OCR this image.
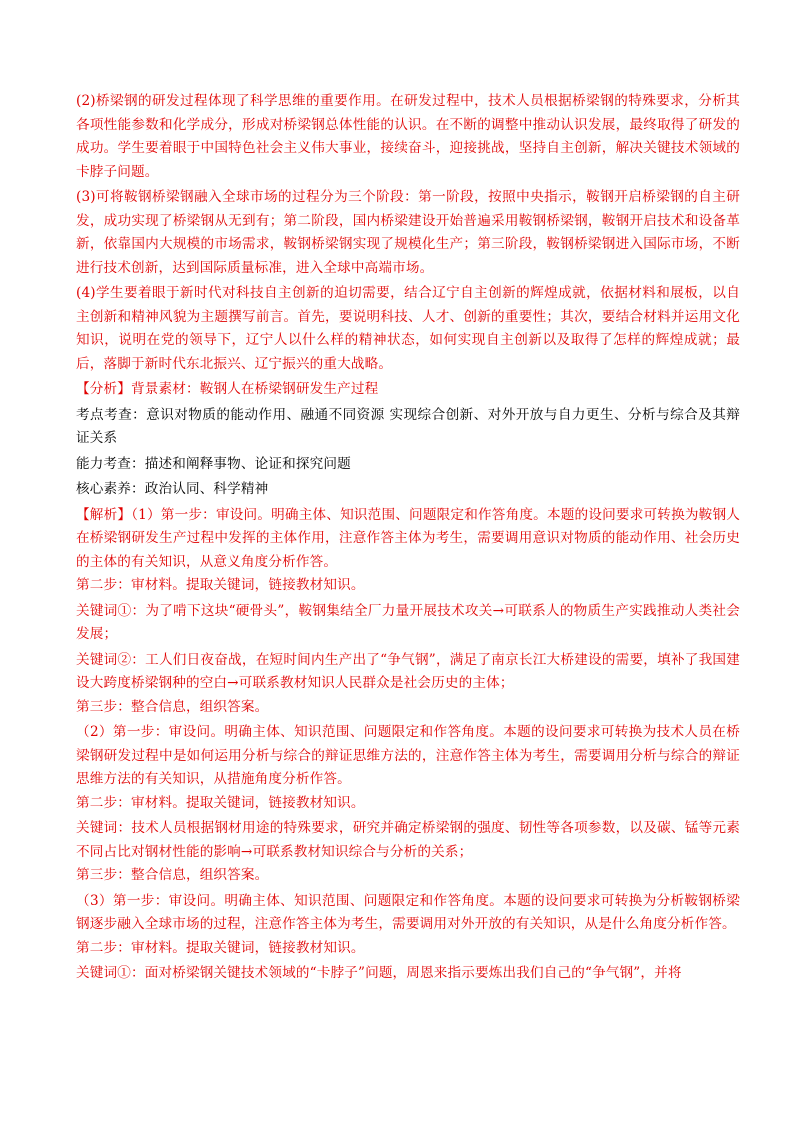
(2)桥梁钢的研发过程体现了科学思维的重要作用。在研发过程中，技术人员根据桥梁钢的特殊要求，分析其各项性能参数和化学成分，形成对桥梁钢总体性能的认识。在不断的调整中推动认识发展，最终取得了研发的成功。学生要着眼于中国特色社会主义伟大事业，接续奋斗，迎接挑战，坚持自主创新，解决关键技术领域的卡脖子问题。

(3)可将鞍钢桥梁钢融入全球市场的过程分为三个阶段：第一阶段，按照中央指示，鞍钢开启桥梁钢的自主研发，成功实现了桥梁钢从无到有；第二阶段，国内桥梁建设开始普遍采用鞍钢桥梁钢，鞍钢开启技术和设备革新，依靠国内大规模的市场需求，鞍钢桥梁钢实现了规模化生产；第三阶段，鞍钢桥梁钢进入国际市场，不断进行技术创新，达到国际质量标准，进入全球中高端市场。

(4)学生要着眼于新时代对科技自主创新的迫切需要，结合辽宁自主创新的辉煌成就，依据材料和展板，以自主创新和精神风貌为主题撰写前言。首先，要说明科技、人才、创新的重要性；其次，要结合材料并运用文化知识，说明在党的领导下，辽宁人以什么样的精神状态，如何实现自主创新以及取得了怎样的辉煌成就；最后，落脚于新时代东北振兴、辽宁振兴的重大战略。

【分析】背景素材：鞍钢人在桥梁钢研发生产过程

考点考查：意识对物质的能动作用、融通不同资源 实现综合创新、对外开放与自力更生、分析与综合及其辩证关系

能力考查：描述和阐释事物、论证和探究问题

核心素养：政治认同、科学精神

【解析】（1）第一步：审设问。明确主体、知识范围、问题限定和作答角度。本题的设问要求可转换为鞍钢人在桥梁钢研发生产过程中发挥的主体作用，注意作答主体为考生，需要调用意识对物质的能动作用、社会历史的主体的有关知识，从意义角度分析作答。

第二步：审材料。提取关键词，链接教材知识。

关键词①：为了啃下这块“硬骨头”，鞍钢集结全厂力量开展技术攻关→可联系人的物质生产实践推动人类社会发展；

关键词②：工人们日夜奋战，在短时间内生产出了“争气钢”，满足了南京长江大桥建设的需要，填补了我国建设大跨度桥梁钢种的空白→可联系教材知识人民群众是社会历史的主体；

第三步：整合信息，组织答案。

（2）第一步：审设问。明确主体、知识范围、问题限定和作答角度。本题的设问要求可转换为技术人员在桥梁钢研发过程中是如何运用分析与综合的辩证思维方法的，注意作答主体为考生，需要调用分析与综合的辩证思维方法的有关知识，从措施角度分析作答。

第二步：审材料。提取关键词，链接教材知识。

关键词：技术人员根据钢材用途的特殊要求，研究并确定桥梁钢的强度、韧性等各项参数，以及碳、锰等元素不同占比对钢材性能的影响→可联系教材知识综合与分析的关系；

第三步：整合信息，组织答案。

（3）第一步：审设问。明确主体、知识范围、问题限定和作答角度。本题的设问要求可转换为分析鞍钢桥梁钢逐步融入全球市场的过程，注意作答主体为考生，需要调用对外开放的有关知识，从是什么角度分析作答。

第二步：审材料。提取关键词，链接教材知识。

关键词①：面对桥梁钢关键技术领域的“卡脖子”问题，周恩来指示要炼出我们自己的“争气钢”，并将
